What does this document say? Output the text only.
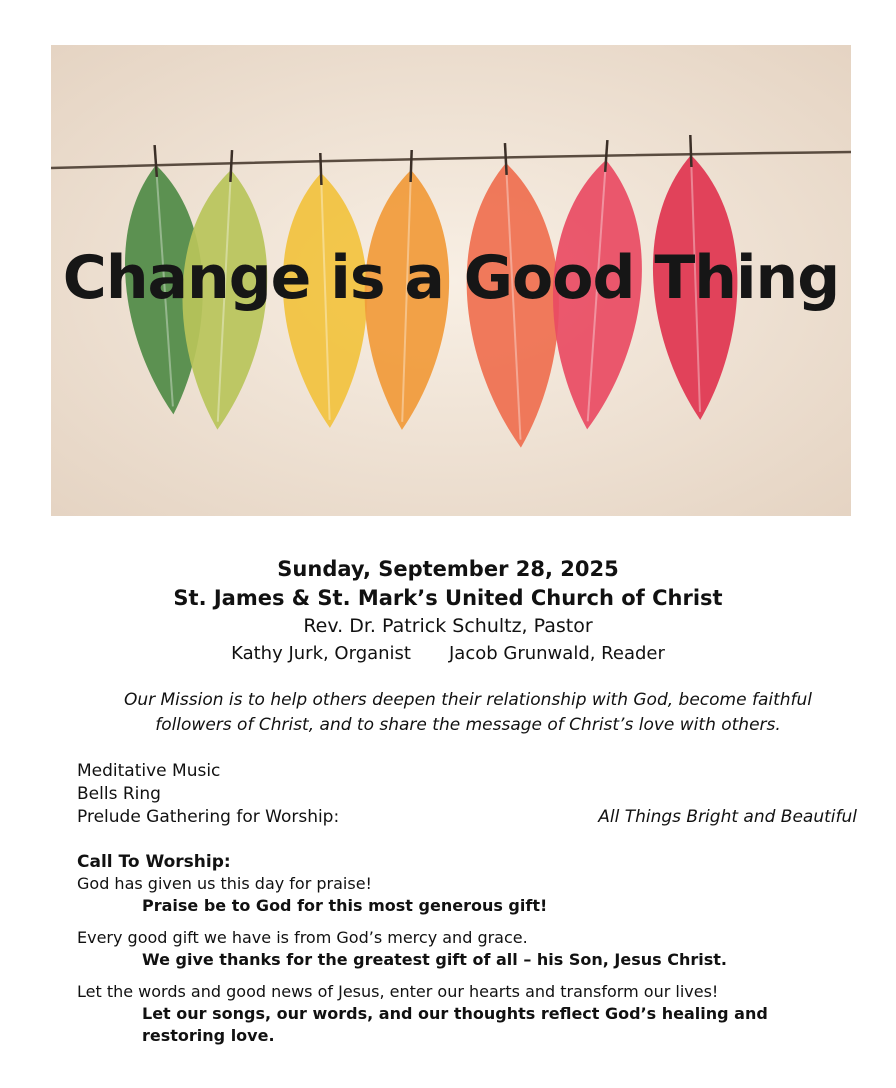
Change is a Good Thing
Sunday, September 28, 2025
St. James & St. Mark’s United Church of Christ
Rev. Dr. Patrick Schultz, Pastor
Kathy Jurk, Organist Jacob Grunwald, Reader
Our Mission is to help others deepen their relationship with God, become faithful
followers of Christ, and to share the message of Christ’s love with others.
Meditative Music
Bells Ring
Prelude Gathering for Worship:	All Things Bright and Beautiful
Call To Worship:
God has given us this day for praise!
Praise be to God for this most generous gift!
Every good gift we have is from God’s mercy and grace.
We give thanks for the greatest gift of all – his Son, Jesus Christ.
Let the words and good news of Jesus, enter our hearts and transform our lives!
Let our songs, our words, and our thoughts reflect God’s healing and
restoring love.
